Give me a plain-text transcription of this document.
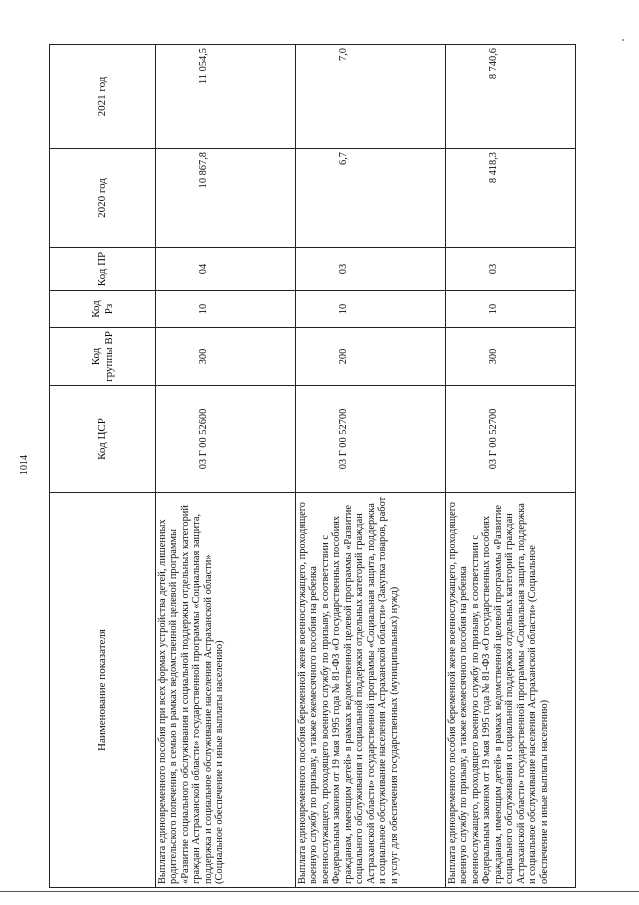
1014
Наименование показателя	Код ЦСР	Код группы ВР	Код Рз	Код ПР	2020 год	2021 год
Выплата единовременного пособия при всех формах устройства детей, лишенных родительского попечения, в семью в рамках ведомственной целевой программы «Развитие социального обслуживания и социальной поддержки отдельных категорий граждан Астраханской области» государственной программы «Социальная защита, поддержка и социальное обслуживание населения Астраханской области» (Социальное обеспечение и иные выплаты населению)	03 Г 00 52600	300	10	04	10 867,8	11 054,5
Выплата единовременного пособия беременной жене военнослужащего, проходящего военную службу по призыву, а также ежемесячного пособия на ребенка военнослужащего, проходящего военную службу по призыву, в соответствии с Федеральным законом от 19 мая 1995 года № 81-ФЗ «О государственных пособиях гражданам, имеющим детей» в рамках ведомственной целевой программы «Развитие социального обслуживания и социальной поддержки отдельных категорий граждан Астраханской области» государственной программы «Социальная защита, поддержка и социальное обслуживание населения Астраханской области» (Закупка товаров, работ и услуг для обеспечения государственных (муниципальных) нужд)	03 Г 00 52700	200	10	03	6,7	7,0
Выплата единовременного пособия беременной жене военнослужащего, проходящего военную службу по призыву, а также ежемесячного пособия на ребенка военнослужащего, проходящего военную службу по призыву, в соответствии с Федеральным законом от 19 мая 1995 года № 81-ФЗ «О государственных пособиях гражданам, имеющим детей» в рамках ведомственной целевой программы «Развитие социального обслуживания и социальной поддержки отдельных категорий граждан Астраханской области» государственной программы «Социальная защита, поддержка и социальное обслуживание населения Астраханской области» (Социальное обеспечение и иные выплаты населению)	03 Г 00 52700	300	10	03	8 418,3	8 740,6
